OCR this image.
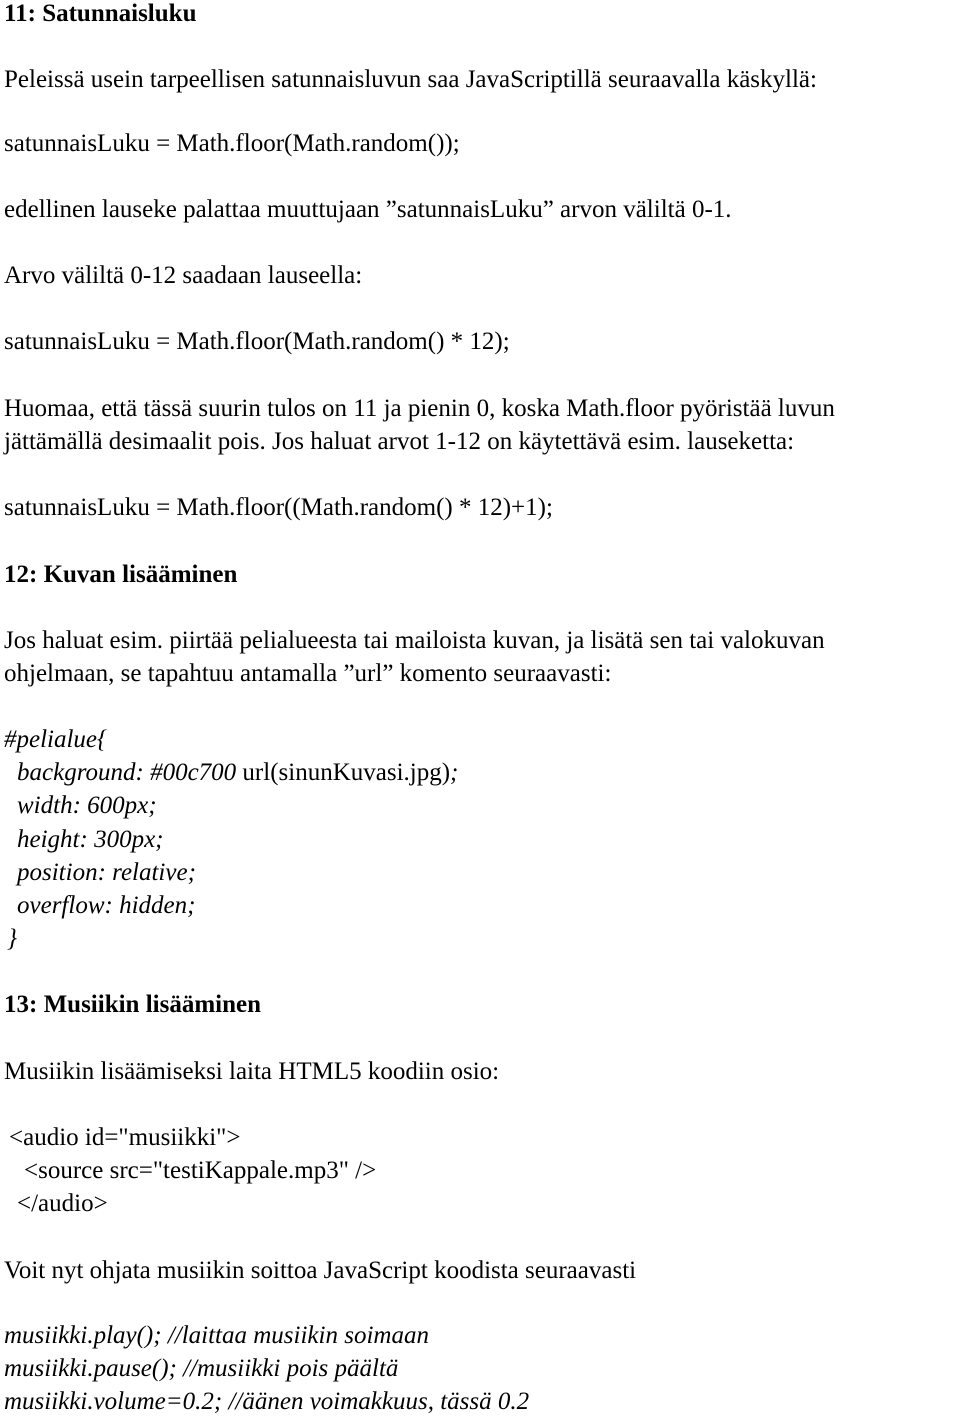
11: Satunnaisluku
Peleissä usein tarpeellisen satunnaisluvun saa JavaScriptillä seuraavalla käskyllä:
satunnaisLuku = Math.floor(Math.random());
edellinen lauseke palattaa muuttujaan ”satunnaisLuku” arvon väliltä 0-1.
Arvo väliltä 0-12 saadaan lauseella:
satunnaisLuku = Math.floor(Math.random() * 12);
Huomaa, että tässä suurin tulos on 11 ja pienin 0, koska Math.floor pyöristää luvun
jättämällä desimaalit pois. Jos haluat arvot 1-12 on käytettävä esim. lauseketta:
satunnaisLuku = Math.floor((Math.random() * 12)+1);
12: Kuvan lisääminen
Jos haluat esim. piirtää pelialueesta tai mailoista kuvan, ja lisätä sen tai valokuvan
ohjelmaan, se tapahtuu antamalla ”url” komento seuraavasti:
#pelialue{
background: #00c700 url(sinunKuvasi.jpg);
width: 600px;
height: 300px;
position: relative;
overflow: hidden;
}
13: Musiikin lisääminen
Musiikin lisäämiseksi laita HTML5 koodiin osio:
<audio id="musiikki">
<source src="testiKappale.mp3" />
</audio>
Voit nyt ohjata musiikin soittoa JavaScript koodista seuraavasti
musiikki.play(); //laittaa musiikin soimaan
musiikki.pause(); //musiikki pois päältä
musiikki.volume=0.2; //äänen voimakkuus, tässä 0.2
